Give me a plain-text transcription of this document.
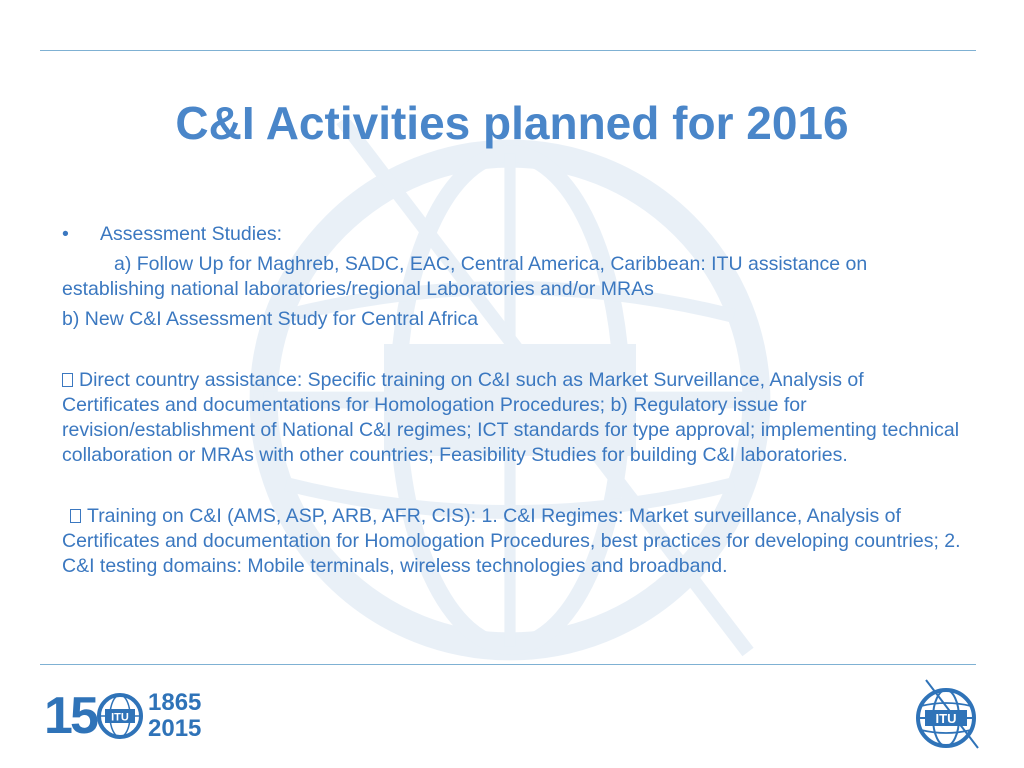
C&I Activities planned for 2016

• Assessment Studies:

a) Follow Up for Maghreb, SADC, EAC, Central America, Caribbean: ITU assistance on establishing national laboratories/regional Laboratories and/or MRAs

b) New C&I Assessment Study for Central Africa

Direct country assistance: Specific training on C&I such as Market Surveillance, Analysis of Certificates and documentations for Homologation Procedures; b) Regulatory issue for revision/establishment of National C&I regimes; ICT standards for type approval; implementing technical collaboration or MRAs with other countries; Feasibility Studies for building C&I laboratories.

Training on C&I (AMS, ASP, ARB, AFR, CIS): 1. C&I Regimes: Market surveillance, Analysis of Certificates and documentation for Homologation Procedures, best practices for developing countries; 2. C&I testing domains: Mobile terminals, wireless technologies and broadband.

1
5 ITU
1865
2015	ITU
